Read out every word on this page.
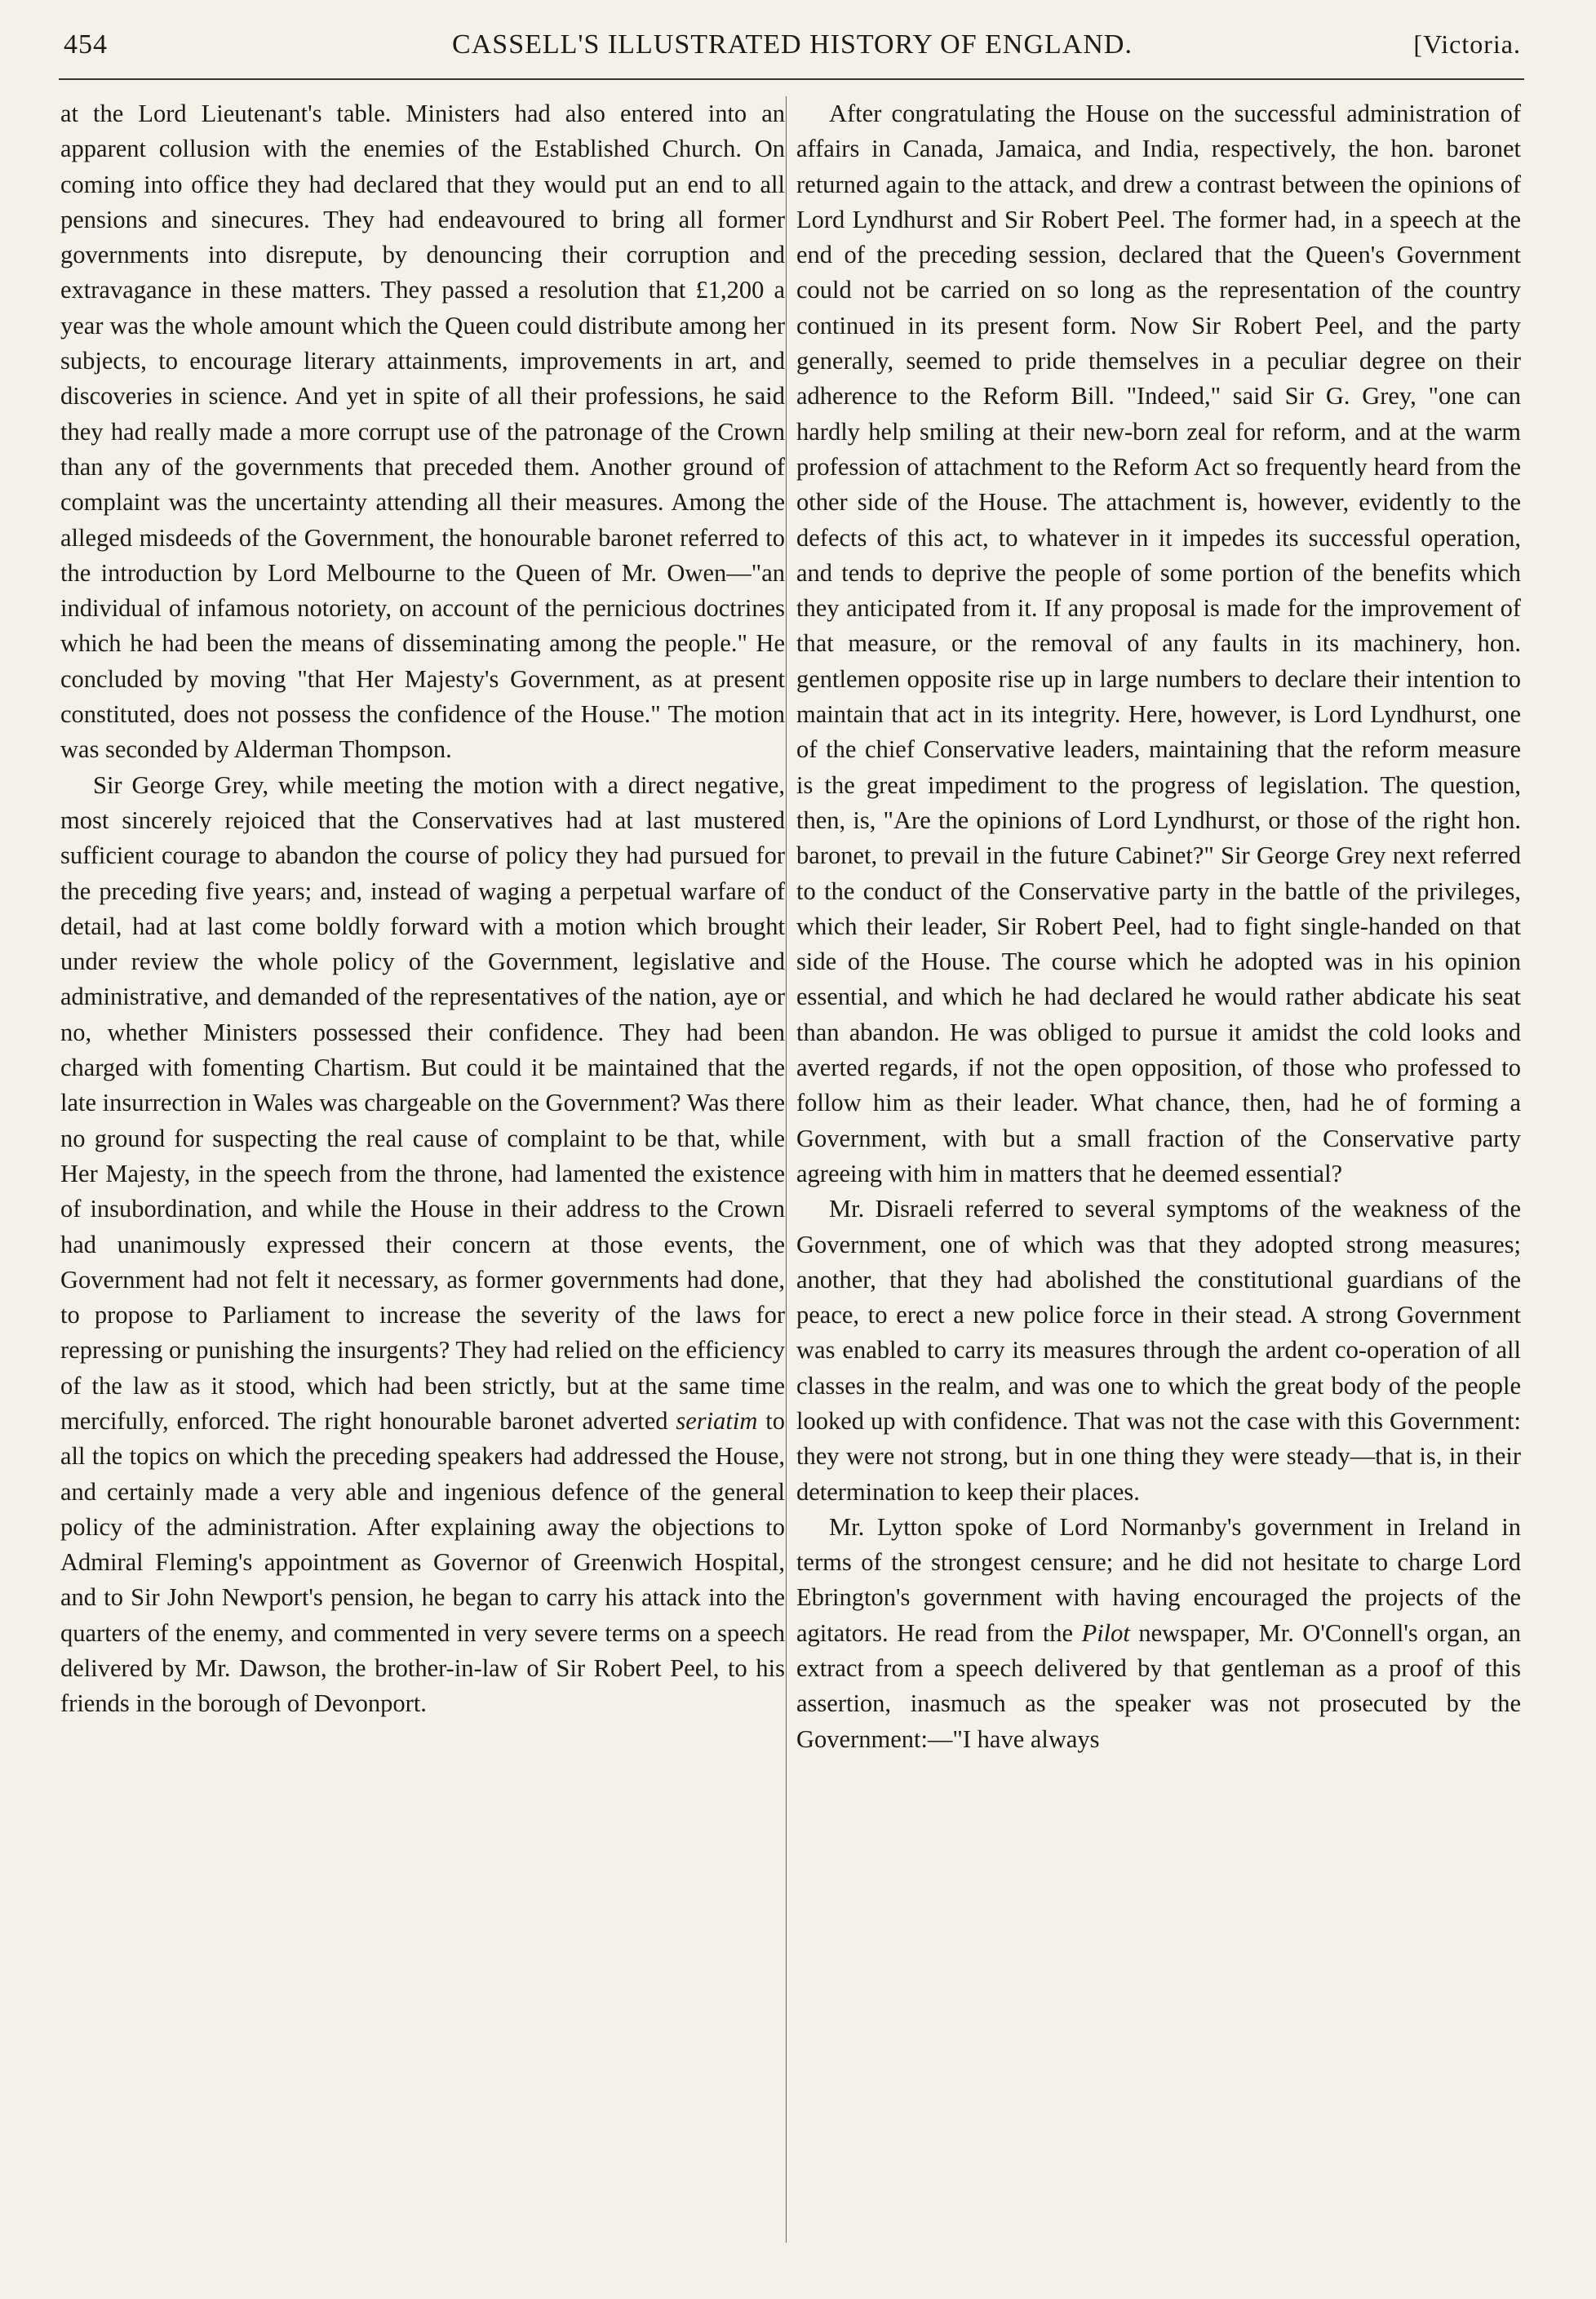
454	CASSELL'S ILLUSTRATED HISTORY OF ENGLAND.	[Victoria.

at the Lord Lieutenant's table. Ministers had also entered into an apparent collusion with the enemies of the Established Church. On coming into office they had declared that they would put an end to all pensions and sinecures. They had endeavoured to bring all former governments into disrepute, by denouncing their corruption and extravagance in these matters. They passed a resolution that £1,200 a year was the whole amount which the Queen could distribute among her subjects, to encourage literary attainments, improvements in art, and discoveries in science. And yet in spite of all their professions, he said they had really made a more corrupt use of the patronage of the Crown than any of the governments that preceded them. Another ground of complaint was the uncertainty attending all their measures. Among the alleged misdeeds of the Government, the honourable baronet referred to the introduction by Lord Melbourne to the Queen of Mr. Owen—"an individual of infamous notoriety, on account of the pernicious doctrines which he had been the means of disseminating among the people." He concluded by moving "that Her Majesty's Government, as at present constituted, does not possess the confidence of the House." The motion was seconded by Alderman Thompson.

Sir George Grey, while meeting the motion with a direct negative, most sincerely rejoiced that the Conservatives had at last mustered sufficient courage to abandon the course of policy they had pursued for the preceding five years; and, instead of waging a perpetual warfare of detail, had at last come boldly forward with a motion which brought under review the whole policy of the Government, legislative and administrative, and demanded of the representatives of the nation, aye or no, whether Ministers possessed their confidence. They had been charged with fomenting Chartism. But could it be maintained that the late insurrection in Wales was chargeable on the Government? Was there no ground for suspecting the real cause of complaint to be that, while Her Majesty, in the speech from the throne, had lamented the existence of insubordination, and while the House in their address to the Crown had unanimously expressed their concern at those events, the Government had not felt it necessary, as former governments had done, to propose to Parliament to increase the severity of the laws for repressing or punishing the insurgents? They had relied on the efficiency of the law as it stood, which had been strictly, but at the same time mercifully, enforced. The right honourable baronet adverted seriatim to all the topics on which the preceding speakers had addressed the House, and certainly made a very able and ingenious defence of the general policy of the administration. After explaining away the objections to Admiral Fleming's appointment as Governor of Greenwich Hospital, and to Sir John Newport's pension, he began to carry his attack into the quarters of the enemy, and commented in very severe terms on a speech delivered by Mr. Dawson, the brother-in-law of Sir Robert Peel, to his friends in the borough of Devonport.

After congratulating the House on the successful administration of affairs in Canada, Jamaica, and India, respectively, the hon. baronet returned again to the attack, and drew a contrast between the opinions of Lord Lyndhurst and Sir Robert Peel. The former had, in a speech at the end of the preceding session, declared that the Queen's Government could not be carried on so long as the representation of the country continued in its present form. Now Sir Robert Peel, and the party generally, seemed to pride themselves in a peculiar degree on their adherence to the Reform Bill. "Indeed," said Sir G. Grey, "one can hardly help smiling at their new-born zeal for reform, and at the warm profession of attachment to the Reform Act so frequently heard from the other side of the House. The attachment is, however, evidently to the defects of this act, to whatever in it impedes its successful operation, and tends to deprive the people of some portion of the benefits which they anticipated from it. If any proposal is made for the improvement of that measure, or the removal of any faults in its machinery, hon. gentlemen opposite rise up in large numbers to declare their intention to maintain that act in its integrity. Here, however, is Lord Lyndhurst, one of the chief Conservative leaders, maintaining that the reform measure is the great impediment to the progress of legislation. The question, then, is, "Are the opinions of Lord Lyndhurst, or those of the right hon. baronet, to prevail in the future Cabinet?" Sir George Grey next referred to the conduct of the Conservative party in the battle of the privileges, which their leader, Sir Robert Peel, had to fight single-handed on that side of the House. The course which he adopted was in his opinion essential, and which he had declared he would rather abdicate his seat than abandon. He was obliged to pursue it amidst the cold looks and averted regards, if not the open opposition, of those who professed to follow him as their leader. What chance, then, had he of forming a Government, with but a small fraction of the Conservative party agreeing with him in matters that he deemed essential?

Mr. Disraeli referred to several symptoms of the weakness of the Government, one of which was that they adopted strong measures; another, that they had abolished the constitutional guardians of the peace, to erect a new police force in their stead. A strong Government was enabled to carry its measures through the ardent co-operation of all classes in the realm, and was one to which the great body of the people looked up with confidence. That was not the case with this Government: they were not strong, but in one thing they were steady—that is, in their determination to keep their places.

Mr. Lytton spoke of Lord Normanby's government in Ireland in terms of the strongest censure; and he did not hesitate to charge Lord Ebrington's government with having encouraged the projects of the agitators. He read from the Pilot newspaper, Mr. O'Connell's organ, an extract from a speech delivered by that gentleman as a proof of this assertion, inasmuch as the speaker was not prosecuted by the Government:—"I have always
